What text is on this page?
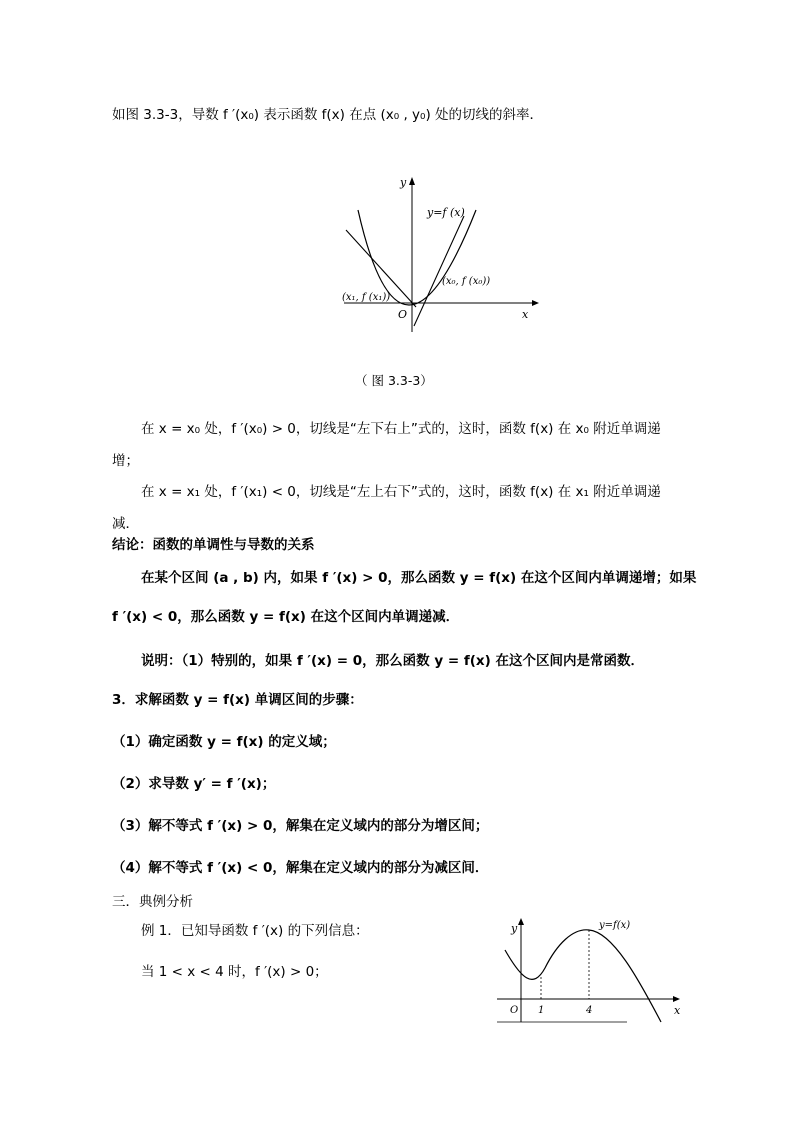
如图 3.3-3，导数 f ′(x₀) 表示函数 f(x) 在点 (x₀ , y₀) 处的切线的斜率．
y
x
O
y=f (x)
(x₀, f (x₀))
(x₁, f (x₁))
（ 图 3.3-3）
在 x = x₀ 处，f ′(x₀) > 0，切线是“左下右上”式的，这时，函数 f(x) 在 x₀ 附近单调递
增；
在 x = x₁ 处，f ′(x₁) < 0，切线是“左上右下”式的，这时，函数 f(x) 在 x₁ 附近单调递
减．
结论：函数的单调性与导数的关系
在某个区间 (a , b) 内，如果 f ′(x) > 0，那么函数 y = f(x) 在这个区间内单调递增；如果
f ′(x) < 0，那么函数 y = f(x) 在这个区间内单调递减．
说明：（1）特别的，如果 f ′(x) = 0，那么函数 y = f(x) 在这个区间内是常函数．
3．求解函数 y = f(x) 单调区间的步骤：
（1）确定函数 y = f(x) 的定义域；
（2）求导数 y′ = f ′(x)；
（3）解不等式 f ′(x) > 0，解集在定义域内的部分为增区间；
（4）解不等式 f ′(x) < 0，解集在定义域内的部分为减区间．
三．典例分析
例 1．已知导函数 f ′(x) 的下列信息：
当 1 < x < 4 时，f ′(x) > 0；
y
x
O 1	4
y=f(x)
